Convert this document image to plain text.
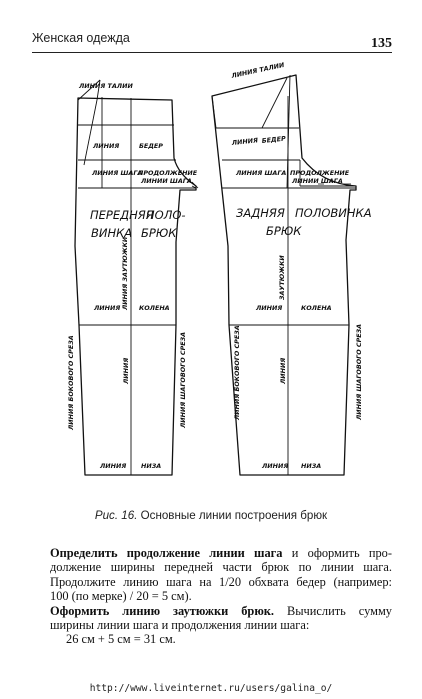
Женская одежда	135
ЛИНИЯ ТАЛИИ
ЛИНИЯ	БЕДЕР
ЛИНИЯ ШАГА
ПРОДОЛЖЕНИЕ
ЛИНИИ ШАГА
ПЕРЕДНЯЯ
ПОЛО-
ВИНКА БРЮК
ЛИНИЯ ЗАУТЮЖКИ
ЛИНИЯ	КОЛЕНА
ЛИНИЯ БОКОВОГО СРЕЗА	ЛИНИЯ ШАГОВОГО СРЕЗА
ЛИНИЯ
ЛИНИЯ НИЗА
ЛИНИЯ ТАЛИИ
ЛИНИЯ БЕДЕР
ЛИНИЯ ШАГА ПРОДОЛЖЕНИЕ
ЛИНИИ ШАГА
ЗАДНЯЯ ПОЛОВИНКА
БРЮК
ЗАУТЮЖКИ
ЛИНИЯ	КОЛЕНА
ЛИНИЯ БОКОВОГО СРЕЗА	ЛИНИЯ ШАГОВОГО СРЕЗА
ЛИНИЯ
ЛИНИЯ НИЗА
Рис. 16. Основные линии построения брюк

Определить продолжение линии шага и оформить про-
должение ширины передней части брюк по линии шага.
Продолжите линию шага на 1/20 обхвата бедер (например:
100 (по мерке) / 20 = 5 см).

Оформить линию заутюжки брюк. Вычислить сумму
ширины линии шага и продолжения линии шага:
26 см + 5 см = 31 см.

http://www.liveinternet.ru/users/galina_o/
